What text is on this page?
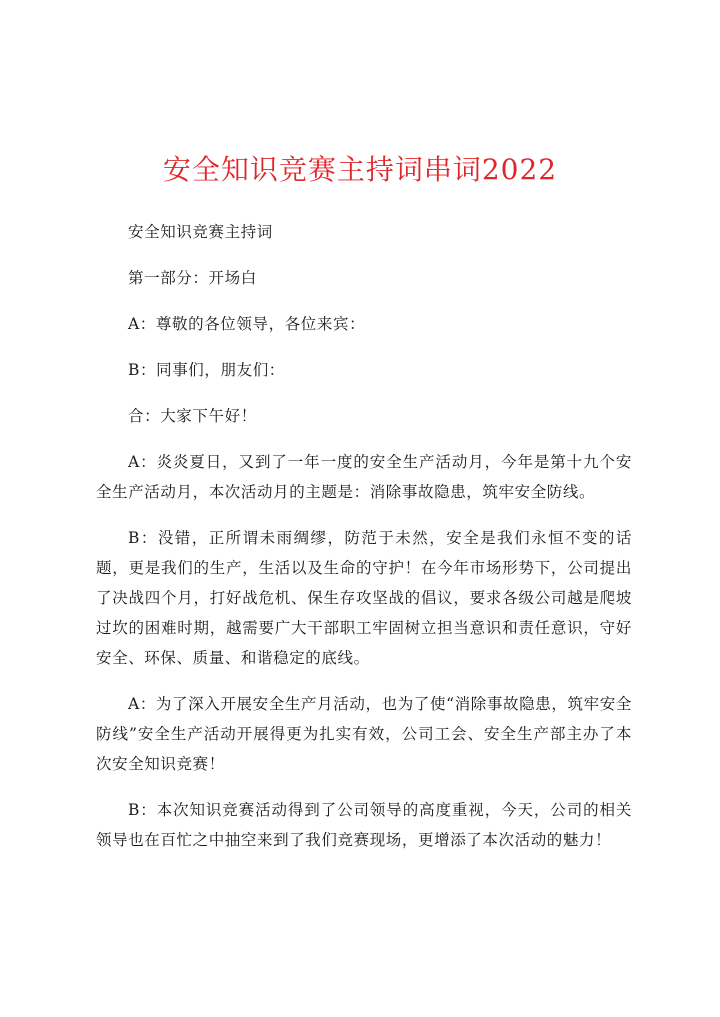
安全知识竞赛主持词串词2022

安全知识竞赛主持词

第一部分：开场白

A：尊敬的各位领导，各位来宾：

B：同事们，朋友们：

合：大家下午好！

A：炎炎夏日，又到了一年一度的安全生产活动月，今年是第十九个安全生产活动月，本次活动月的主题是：消除事故隐患，筑牢安全防线。

B：没错，正所谓未雨绸缪，防范于未然，安全是我们永恒不变的话题，更是我们的生产，生活以及生命的守护！在今年市场形势下，公司提出了决战四个月，打好战危机、保生存攻坚战的倡议，要求各级公司越是爬坡过坎的困难时期，越需要广大干部职工牢固树立担当意识和责任意识，守好安全、环保、质量、和谐稳定的底线。

A：为了深入开展安全生产月活动，也为了使“消除事故隐患，筑牢安全防线”安全生产活动开展得更为扎实有效，公司工会、安全生产部主办了本次安全知识竞赛！

B：本次知识竞赛活动得到了公司领导的高度重视，今天，公司的相关领导也在百忙之中抽空来到了我们竞赛现场，更增添了本次活动的魅力！
